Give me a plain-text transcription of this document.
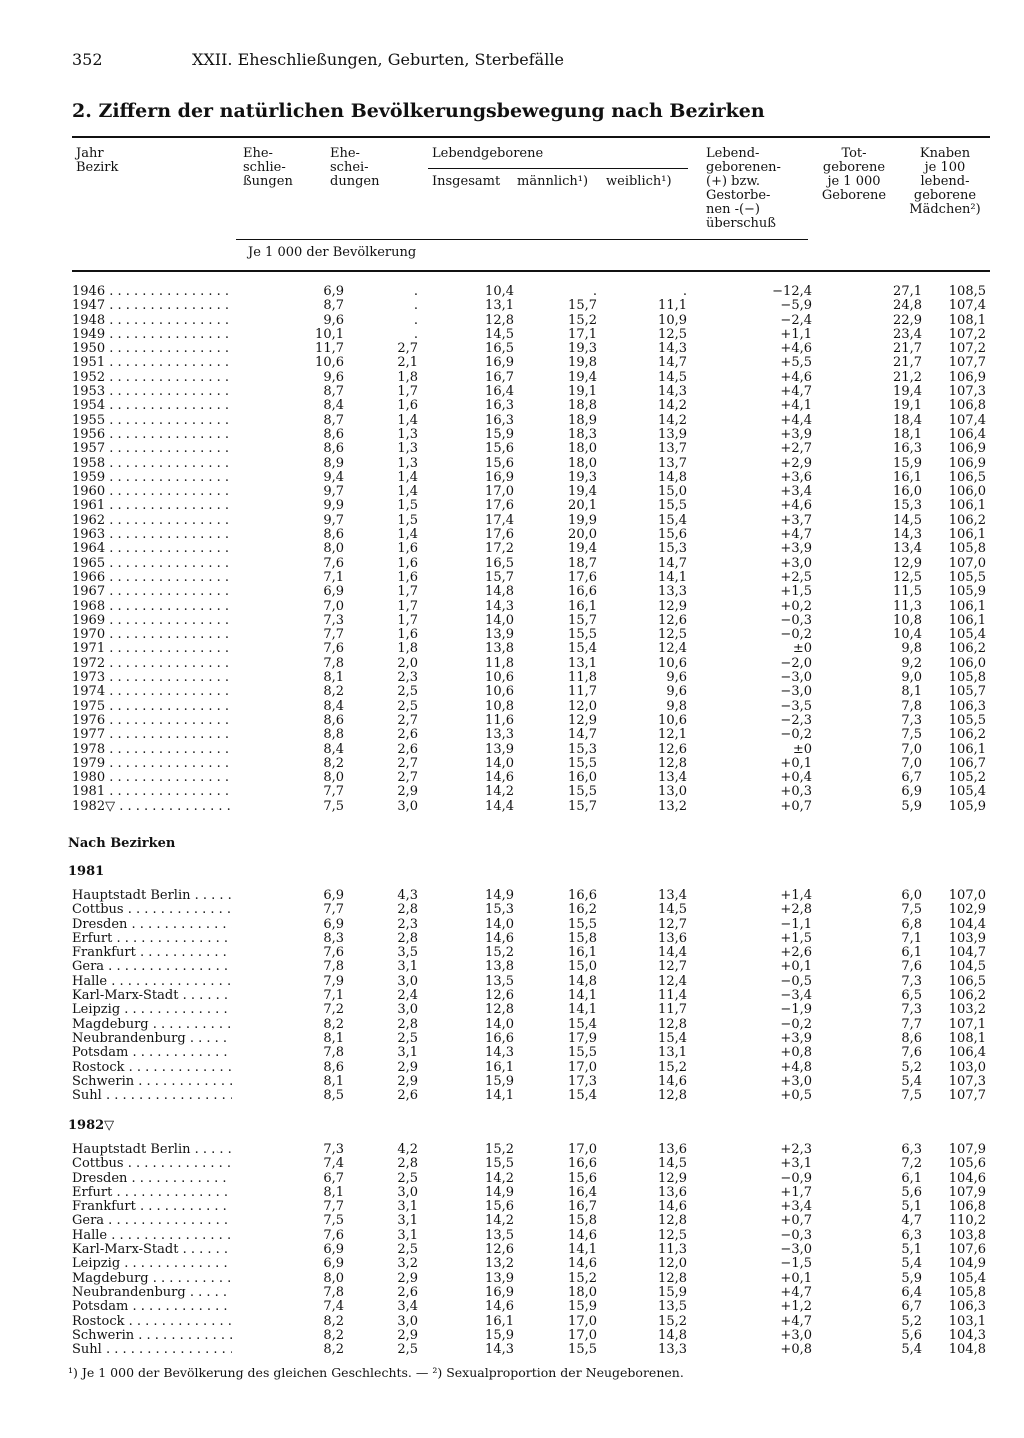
352	XXII. Eheschließungen, Geburten, Sterbefälle
2. Ziffern der natürlichen Bevölkerungsbewegung nach Bezirken
Jahr
Bezirk
Ehe-
schlie-
ßungen
Ehe-
schei-
dungen
Lebendgeborene
Insgesamt männlich¹) weiblich¹)
Lebend-
geborenen-
(+) bzw.
Gestorbe-
nen -(−)
überschuß
Tot-
geborene
je 1 000
Geborene
Knaben
je 100
lebend-
geborene
Mädchen²)
Je 1 000 der Bevölkerung
1946 . . .	6,9	.	10,4	.	.	−12,4	27,1 108,5
1947 . . .	8,7	.	13,1	15,7	11,1	−5,9	24,8 107,4
1948 . . .	9,6	.	12,8	15,2	10,9	−2,4	22,9 108,1
1949 . . .	10,1	.	14,5	17,1	12,5	+1,1	23,4 107,2
1950 . . .	11,7	2,7	16,5	19,3	14,3	+4,6	21,7 107,2
1951 . . .	10,6	2,1	16,9	19,8	14,7	+5,5	21,7 107,7
1952 . . .	9,6	1,8	16,7	19,4	14,5	+4,6	21,2 106,9
1953 . . .	8,7	1,7	16,4	19,1	14,3	+4,7	19,4 107,3
1954 . . .	8,4	1,6	16,3	18,8	14,2	+4,1	19,1 106,8
1955 . . .	8,7	1,4	16,3	18,9	14,2	+4,4	18,4 107,4
1956 . . .	8,6	1,3	15,9	18,3	13,9	+3,9	18,1 106,4
1957 . . .	8,6	1,3	15,6	18,0	13,7	+2,7	16,3 106,9
1958 . . .	8,9	1,3	15,6	18,0	13,7	+2,9	15,9 106,9
1959 . . .	9,4	1,4	16,9	19,3	14,8	+3,6	16,1 106,5
1960 . . .	9,7	1,4	17,0	19,4	15,0	+3,4	16,0 106,0
1961 . . .	9,9	1,5	17,6	20,1	15,5	+4,6	15,3 106,1
1962 . . .	9,7	1,5	17,4	19,9	15,4	+3,7	14,5 106,2
1963 . . .	8,6	1,4	17,6	20,0	15,6	+4,7	14,3 106,1
1964 . . .	8,0	1,6	17,2	19,4	15,3	+3,9	13,4 105,8
1965 . . .	7,6	1,6	16,5	18,7	14,7	+3,0	12,9 107,0
1966 . . .	7,1	1,6	15,7	17,6	14,1	+2,5	12,5 105,5
1967 . . .	6,9	1,7	14,8	16,6	13,3	+1,5	11,5 105,9
1968 . . .	7,0	1,7	14,3	16,1	12,9	+0,2	11,3 106,1
1969 . . .	7,3	1,7	14,0	15,7	12,6	−0,3	10,8 106,1
1970 . . .	7,7	1,6	13,9	15,5	12,5	−0,2	10,4 105,4
1971 . . .	7,6	1,8	13,8	15,4	12,4	±0	9,8 106,2
1972 . . .	7,8	2,0	11,8	13,1	10,6	−2,0	9,2 106,0
1973 . . .	8,1	2,3	10,6	11,8	9,6	−3,0	9,0 105,8
1974 . . .	8,2	2,5	10,6	11,7	9,6	−3,0	8,1 105,7
1975 . . .	8,4	2,5	10,8	12,0	9,8	−3,5	7,8 106,3
1976 . . .	8,6	2,7	11,6	12,9	10,6	−2,3	7,3 105,5
1977 . . .	8,8	2,6	13,3	14,7	12,1	−0,2	7,5 106,2
1978 . . .	8,4	2,6	13,9	15,3	12,6	±0	7,0 106,1
1979 . . .	8,2	2,7	14,0	15,5	12,8	+0,1	7,0 106,7
1980 . . .	8,0	2,7	14,6	16,0	13,4	+0,4	6,7 105,2
1981 . . .	7,7	2,9	14,2	15,5	13,0	+0,3	6,9 105,4
1982▽ . . .	7,5	3,0	14,4	15,7	13,2	+0,7	5,9 105,9
Nach Bezirken
1981
Hauptstadt Berlin . . .	6,9	4,3	14,9	16,6	13,4	+1,4	6,0 107,0
Cottbus . . .	7,7	2,8	15,3	16,2	14,5	+2,8	7,5 102,9
Dresden . . .	6,9	2,3	14,0	15,5	12,7	−1,1	6,8 104,4
Erfurt . . .	8,3	2,8	14,6	15,8	13,6	+1,5	7,1 103,9
Frankfurt . . .	7,6	3,5	15,2	16,1	14,4	+2,6	6,1 104,7
Gera . . .	7,8	3,1	13,8	15,0	12,7	+0,1	7,6 104,5
Halle . . .	7,9	3,0	13,5	14,8	12,4	−0,5	7,3 106,5
Karl-Marx-Stadt . . .	7,1	2,4	12,6	14,1	11,4	−3,4	6,5 106,2
Leipzig . . .	7,2	3,0	12,8	14,1	11,7	−1,9	7,3 103,2
Magdeburg . . .	8,2	2,8	14,0	15,4	12,8	−0,2	7,7 107,1
Neubrandenburg . . .	8,1	2,5	16,6	17,9	15,4	+3,9	8,6 108,1
Potsdam . . .	7,8	3,1	14,3	15,5	13,1	+0,8	7,6 106,4
Rostock . . .	8,6	2,9	16,1	17,0	15,2	+4,8	5,2 103,0
Schwerin . . .	8,1	2,9	15,9	17,3	14,6	+3,0	5,4 107,3
Suhl . . .	8,5	2,6	14,1	15,4	12,8	+0,5	7,5 107,7
1982▽
Hauptstadt Berlin . . .	7,3	4,2	15,2	17,0	13,6	+2,3	6,3 107,9
Cottbus . . .	7,4	2,8	15,5	16,6	14,5	+3,1	7,2 105,6
Dresden . . .	6,7	2,5	14,2	15,6	12,9	−0,9	6,1 104,6
Erfurt . . .	8,1	3,0	14,9	16,4	13,6	+1,7	5,6 107,9
Frankfurt . . .	7,7	3,1	15,6	16,7	14,6	+3,4	5,1 106,8
Gera . . .	7,5	3,1	14,2	15,8	12,8	+0,7	4,7 110,2
Halle . . .	7,6	3,1	13,5	14,6	12,5	−0,3	6,3 103,8
Karl-Marx-Stadt . . .	6,9	2,5	12,6	14,1	11,3	−3,0	5,1 107,6
Leipzig . . .	6,9	3,2	13,2	14,6	12,0	−1,5	5,4 104,9
Magdeburg . . .	8,0	2,9	13,9	15,2	12,8	+0,1	5,9 105,4
Neubrandenburg . . .	7,8	2,6	16,9	18,0	15,9	+4,7	6,4 105,8
Potsdam . . .	7,4	3,4	14,6	15,9	13,5	+1,2	6,7 106,3
Rostock . . .	8,2	3,0	16,1	17,0	15,2	+4,7	5,2 103,1
Schwerin . . .	8,2	2,9	15,9	17,0	14,8	+3,0	5,6 104,3
Suhl . . .	8,2	2,5	14,3	15,5	13,3	+0,8	5,4 104,8
¹) Je 1 000 der Bevölkerung des gleichen Geschlechts. — ²) Sexualproportion der Neugeborenen.
